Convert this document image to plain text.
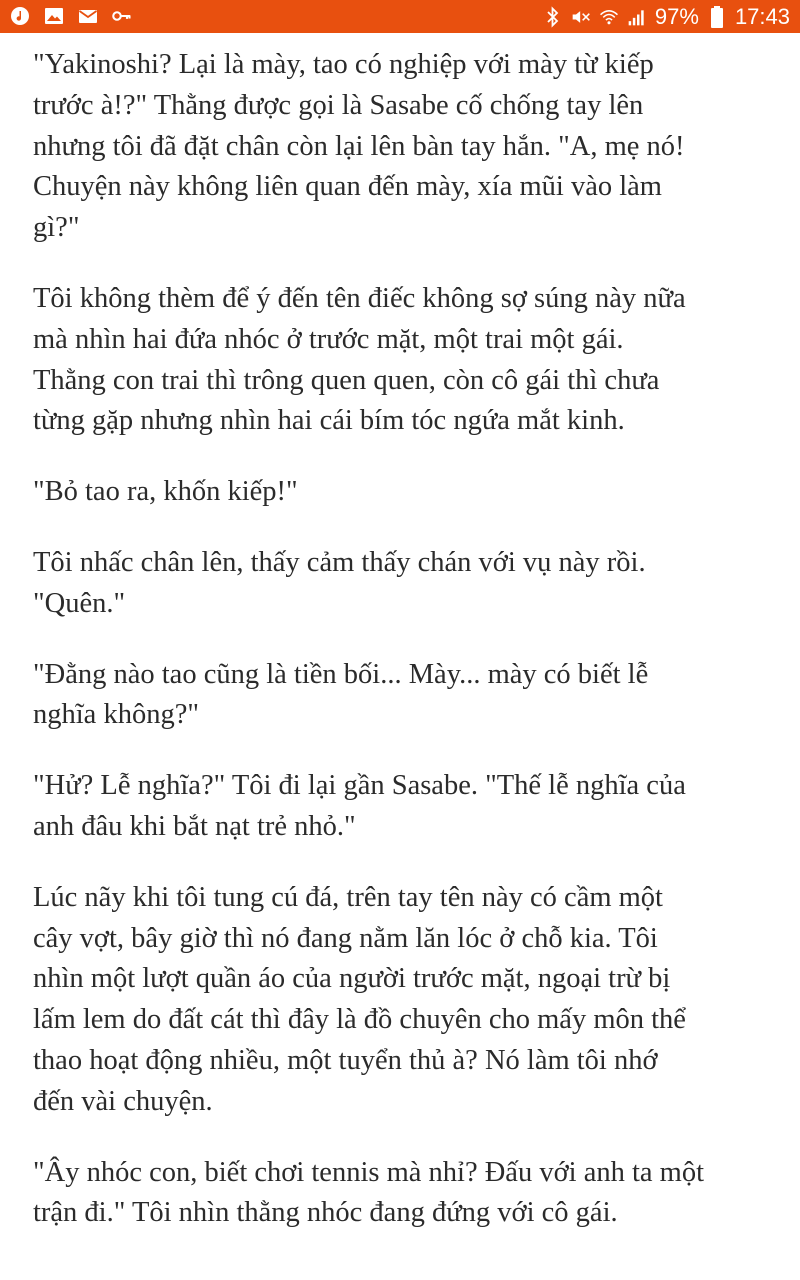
97% 17:43

"Yakinoshi? Lại là mày, tao có nghiệp với mày từ kiếp
trước à!?" Thằng được gọi là Sasabe cố chống tay lên
nhưng tôi đã đặt chân còn lại lên bàn tay hắn. "A, mẹ nó!
Chuyện này không liên quan đến mày, xía mũi vào làm
gì?"

Tôi không thèm để ý đến tên điếc không sợ súng này nữa
mà nhìn hai đứa nhóc ở trước mặt, một trai một gái.
Thằng con trai thì trông quen quen, còn cô gái thì chưa
từng gặp nhưng nhìn hai cái bím tóc ngứa mắt kinh.

"Bỏ tao ra, khốn kiếp!"

Tôi nhấc chân lên, thấy cảm thấy chán với vụ này rồi.
"Quên."

"Đằng nào tao cũng là tiền bối... Mày... mày có biết lễ
nghĩa không?"

"Hử? Lễ nghĩa?" Tôi đi lại gần Sasabe. "Thế lễ nghĩa của
anh đâu khi bắt nạt trẻ nhỏ."

Lúc nãy khi tôi tung cú đá, trên tay tên này có cầm một
cây vợt, bây giờ thì nó đang nằm lăn lóc ở chỗ kia. Tôi
nhìn một lượt quần áo của người trước mặt, ngoại trừ bị
lấm lem do đất cát thì đây là đồ chuyên cho mấy môn thể
thao hoạt động nhiều, một tuyển thủ à? Nó làm tôi nhớ
đến vài chuyện.

"Ây nhóc con, biết chơi tennis mà nhỉ? Đấu với anh ta một
trận đi." Tôi nhìn thằng nhóc đang đứng với cô gái.
